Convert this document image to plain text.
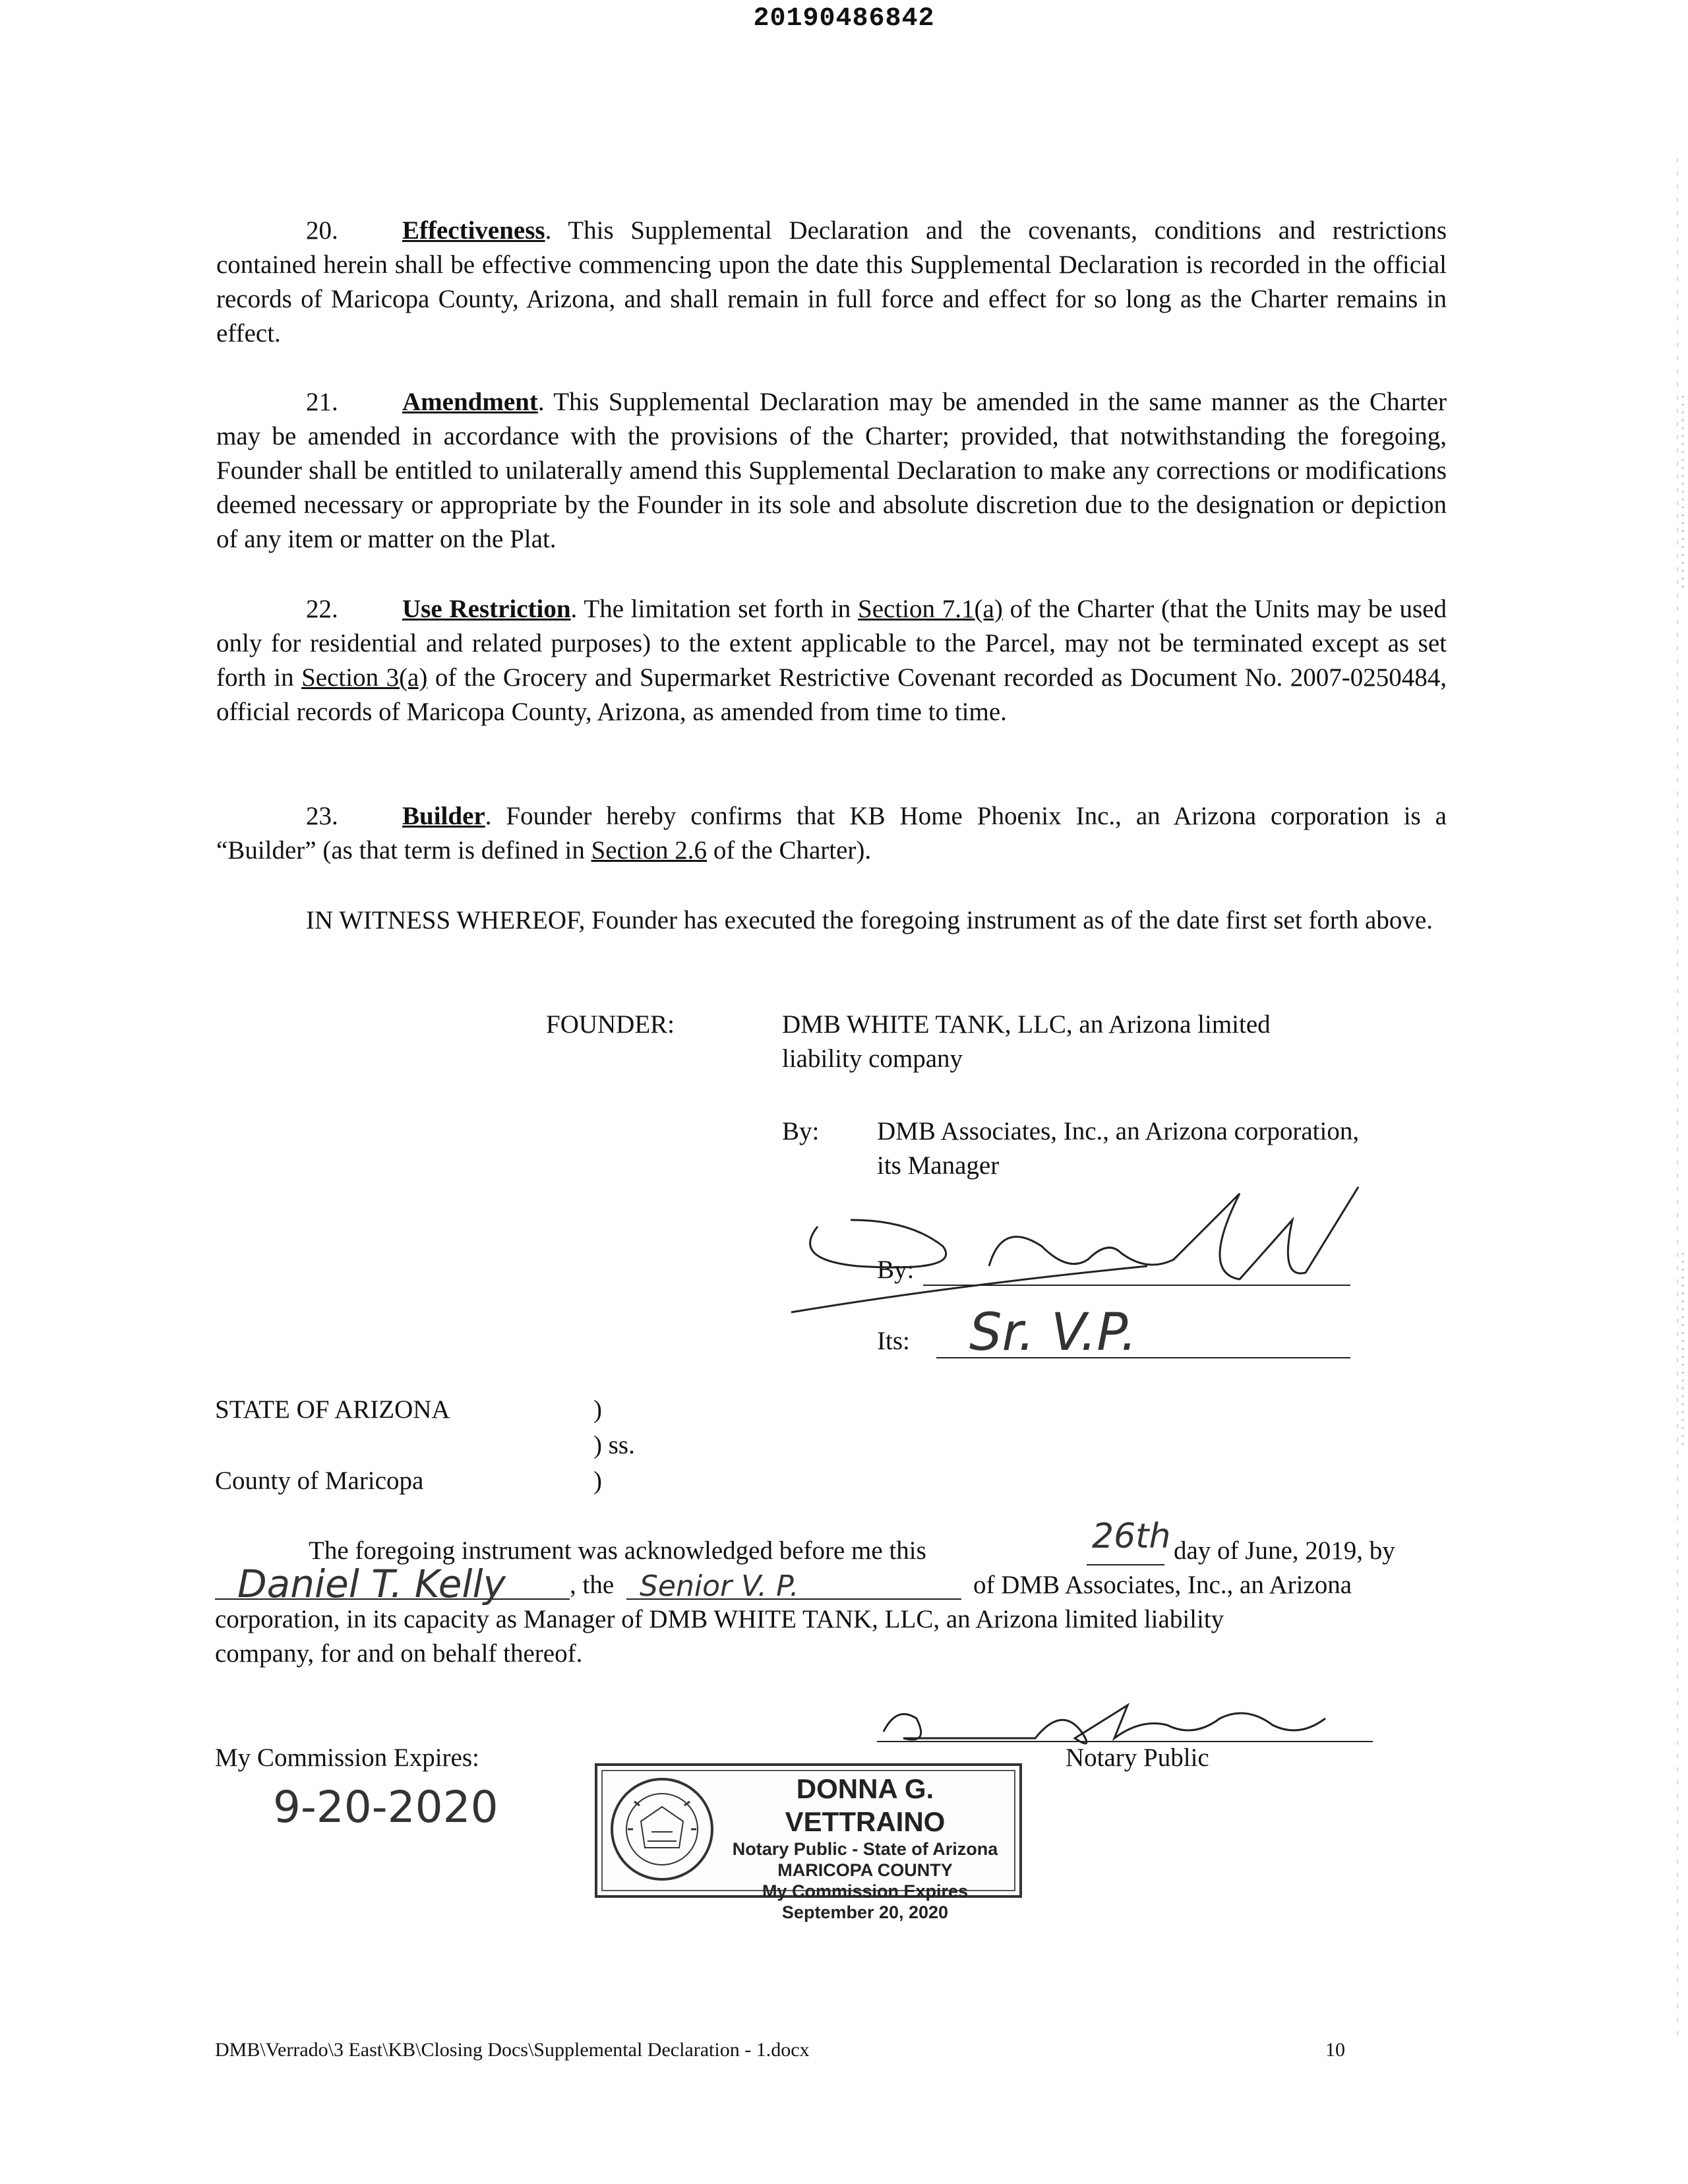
20190486842

20. Effectiveness. This Supplemental Declaration and the covenants, conditions and restrictions contained herein shall be effective commencing upon the date this Supplemental Declaration is recorded in the official records of Maricopa County, Arizona, and shall remain in full force and effect for so long as the Charter remains in effect.

21. Amendment. This Supplemental Declaration may be amended in the same manner as the Charter may be amended in accordance with the provisions of the Charter; provided, that notwithstanding the foregoing, Founder shall be entitled to unilaterally amend this Supplemental Declaration to make any corrections or modifications deemed necessary or appropriate by the Founder in its sole and absolute discretion due to the designation or depiction of any item or matter on the Plat.

22. Use Restriction. The limitation set forth in Section 7.1(a) of the Charter (that the Units may be used only for residential and related purposes) to the extent applicable to the Parcel, may not be terminated except as set forth in Section 3(a) of the Grocery and Supermarket Restrictive Covenant recorded as Document No. 2007-0250484, official records of Maricopa County, Arizona, as amended from time to time.

23. Builder. Founder hereby confirms that KB Home Phoenix Inc., an Arizona corporation is a “Builder” (as that term is defined in Section 2.6 of the Charter).

IN WITNESS WHEREOF, Founder has executed the foregoing instrument as of the date first set forth above.

FOUNDER:	DMB WHITE TANK, LLC, an Arizona limited
liability company
By: DMB Associates, Inc., an Arizona corporation,
its Manager
By:
Its: Sr. V.P.
STATE OF ARIZONA	)
) ss.
County of Maricopa	)
The foregoing instrument was acknowledged before me this	26th day of June, 2019, by
Daniel T. Kelly , the Senior V. P.	of DMB Associates, Inc., an Arizona
corporation, in its capacity as Manager of DMB WHITE TANK, LLC, an Arizona limited liability
company, for and on behalf thereof.
Notary Public
My Commission Expires:
9-20-2020	DONNA G. VETTRAINO
Notary Public - State of Arizona
MARICOPA COUNTY
My Commission Expires
September 20, 2020
DMB\Verrado\3 East\KB\Closing Docs\Supplemental Declaration - 1.docx	10
